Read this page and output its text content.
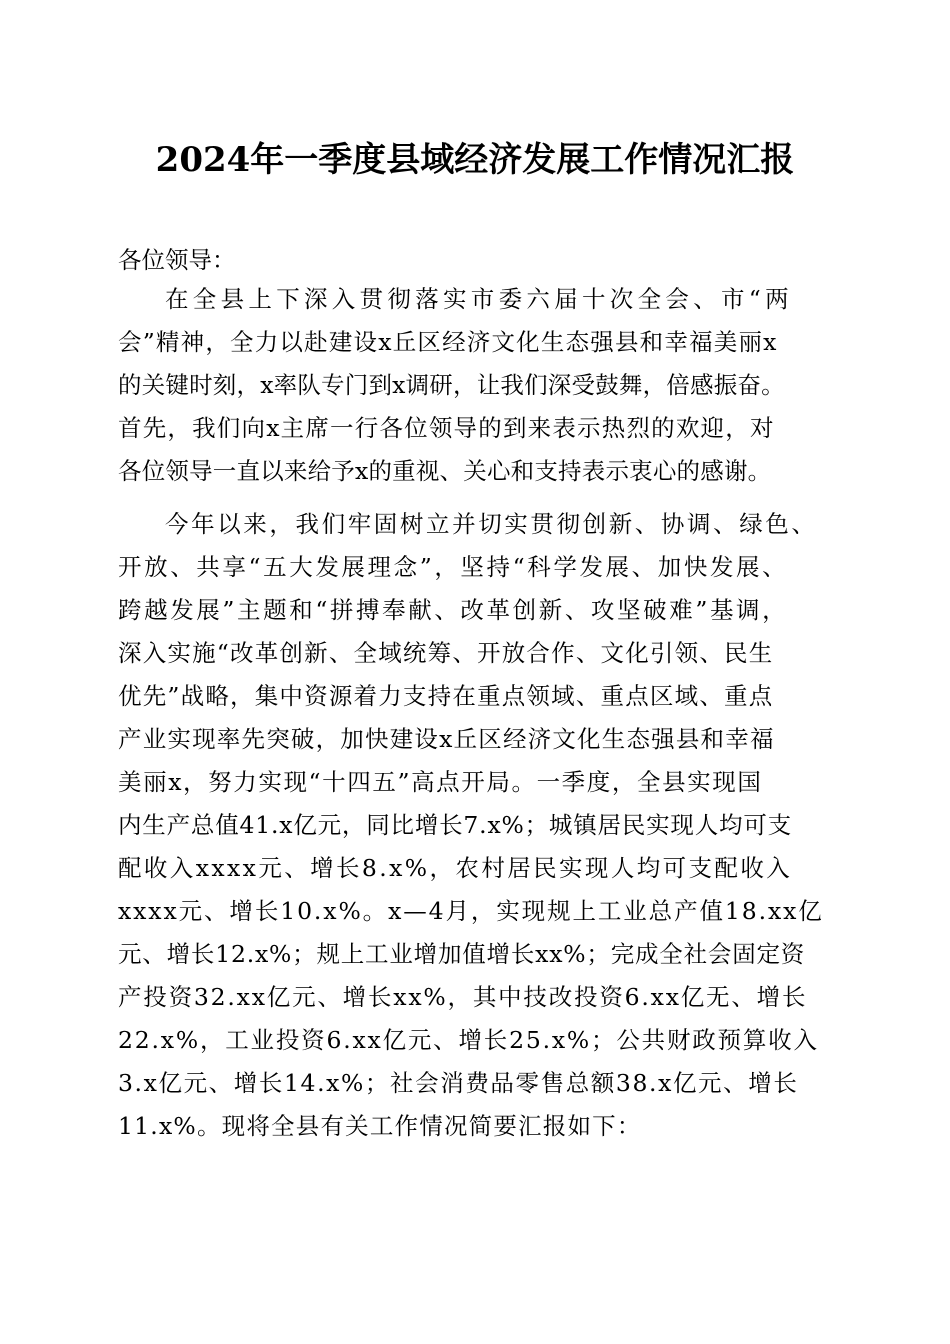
2024年一季度县域经济发展工作情况汇报
各位领导：
在全县上下深入贯彻落实市委六届十次全会、市“两
会”精神，全力以赴建设x丘区经济文化生态强县和幸福美丽x
的关键时刻，x率队专门到x调研，让我们深受鼓舞，倍感振奋。
首先，我们向x主席一行各位领导的到来表示热烈的欢迎，对
各位领导一直以来给予x的重视、关心和支持表示衷心的感谢。
今年以来，我们牢固树立并切实贯彻创新、协调、绿色、
开放、共享“五大发展理念”，坚持“科学发展、加快发展、
跨越发展”主题和“拼搏奉献、改革创新、攻坚破难”基调，
深入实施“改革创新、全域统筹、开放合作、文化引领、民生
优先”战略，集中资源着力支持在重点领域、重点区域、重点
产业实现率先突破，加快建设x丘区经济文化生态强县和幸福
美丽x，努力实现“十四五”高点开局。一季度，全县实现国
内生产总值41.x亿元，同比增长7.x%；城镇居民实现人均可支
配收入xxxx元、增长8.x%，农村居民实现人均可支配收入
xxxx元、增长10.x%。x—4月，实现规上工业总产值18.xx亿
元、增长12.x%；规上工业增加值增长xx%；完成全社会固定资
产投资32.xx亿元、增长xx%，其中技改投资6.xx亿无、增长
22.x%，工业投资6.xx亿元、增长25.x%；公共财政预算收入
3.x亿元、增长14.x%；社会消费品零售总额38.x亿元、增长
11.x%。现将全县有关工作情况简要汇报如下：
